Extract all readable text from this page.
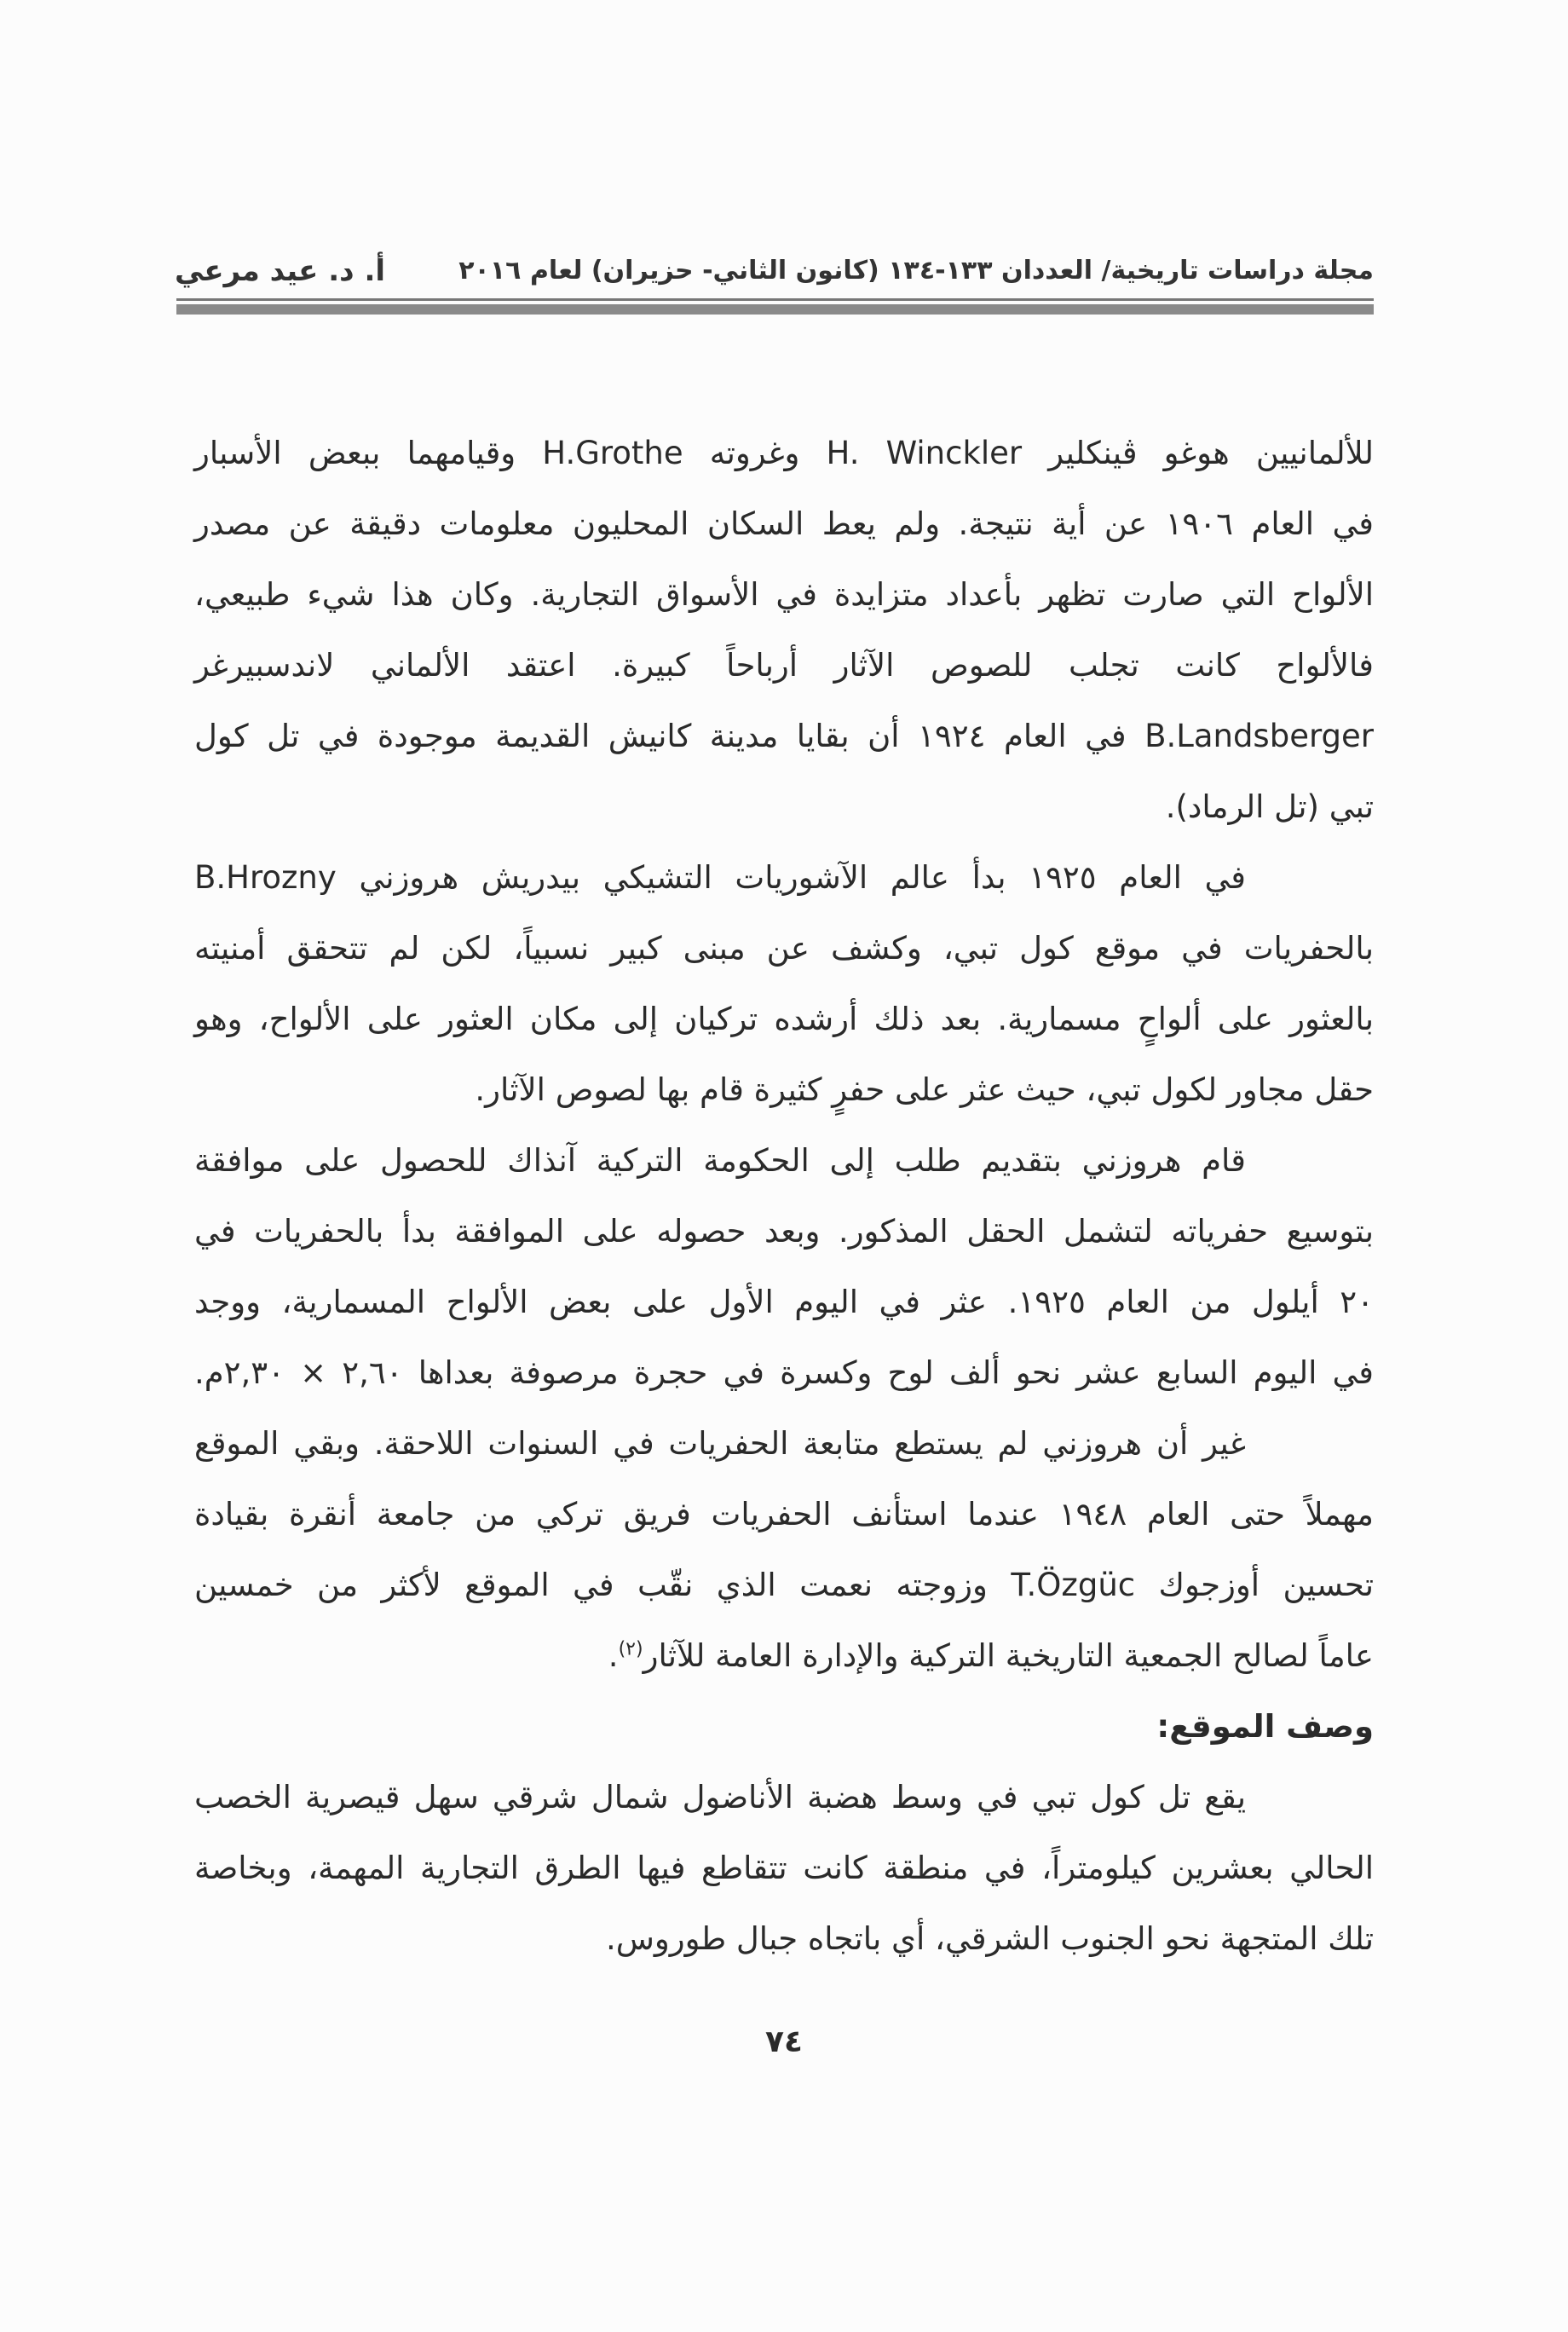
مجلة دراسات تاريخية/ العددان ١٣٣-١٣٤ (كانون الثاني- حزيران) لعام ٢٠١٦
أ. د. عيد مرعي
للألمانيين هوغو ڤينكلير H. Winckler وغروته H.Grothe وقيامهما ببعض الأسبار
في العام ١٩٠٦ عن أية نتيجة. ولم يعط السكان المحليون معلومات دقيقة عن مصدر
الألواح التي صارت تظهر بأعداد متزايدة في الأسواق التجارية. وكان هذا شيء طبيعي،
فالألواح كانت تجلب للصوص الآثار أرباحاً كبيرة. اعتقد الألماني لاندسبيرغر
B.Landsberger في العام ١٩٢٤ أن بقايا مدينة كانيش القديمة موجودة في تل كول
تبي (تل الرماد).
في العام ١٩٢٥ بدأ عالم الآشوريات التشيكي بيدريش هروزني B.Hrozny
بالحفريات في موقع كول تبي، وكشف عن مبنى كبير نسبياً، لكن لم تتحقق أمنيته
بالعثور على ألواحٍ مسمارية. بعد ذلك أرشده تركيان إلى مكان العثور على الألواح، وهو
حقل مجاور لكول تبي، حيث عثر على حفرٍ كثيرة قام بها لصوص الآثار.
قام هروزني بتقديم طلب إلى الحكومة التركية آنذاك للحصول على موافقة
بتوسيع حفرياته لتشمل الحقل المذكور. وبعد حصوله على الموافقة بدأ بالحفريات في
٢٠ أيلول من العام ١٩٢٥. عثر في اليوم الأول على بعض الألواح المسمارية، ووجد
في اليوم السابع عشر نحو ألف لوح وكسرة في حجرة مرصوفة بعداها ٢,٦٠ × ٢,٣٠م.
غير أن هروزني لم يستطع متابعة الحفريات في السنوات اللاحقة. وبقي الموقع
مهملاً حتى العام ١٩٤٨ عندما استأنف الحفريات فريق تركي من جامعة أنقرة بقيادة
تحسين أوزجوك T.Özgüc وزوجته نعمت الذي نقّب في الموقع لأكثر من خمسين
عاماً لصالح الجمعية التاريخية التركية والإدارة العامة للآثار$^{(٢)}$.
وصف الموقع:
يقع تل كول تبي في وسط هضبة الأناضول شمال شرقي سهل قيصرية الخصب
الحالي بعشرين كيلومتراً، في منطقة كانت تتقاطع فيها الطرق التجارية المهمة، وبخاصة
تلك المتجهة نحو الجنوب الشرقي، أي باتجاه جبال طوروس.
٧٤
